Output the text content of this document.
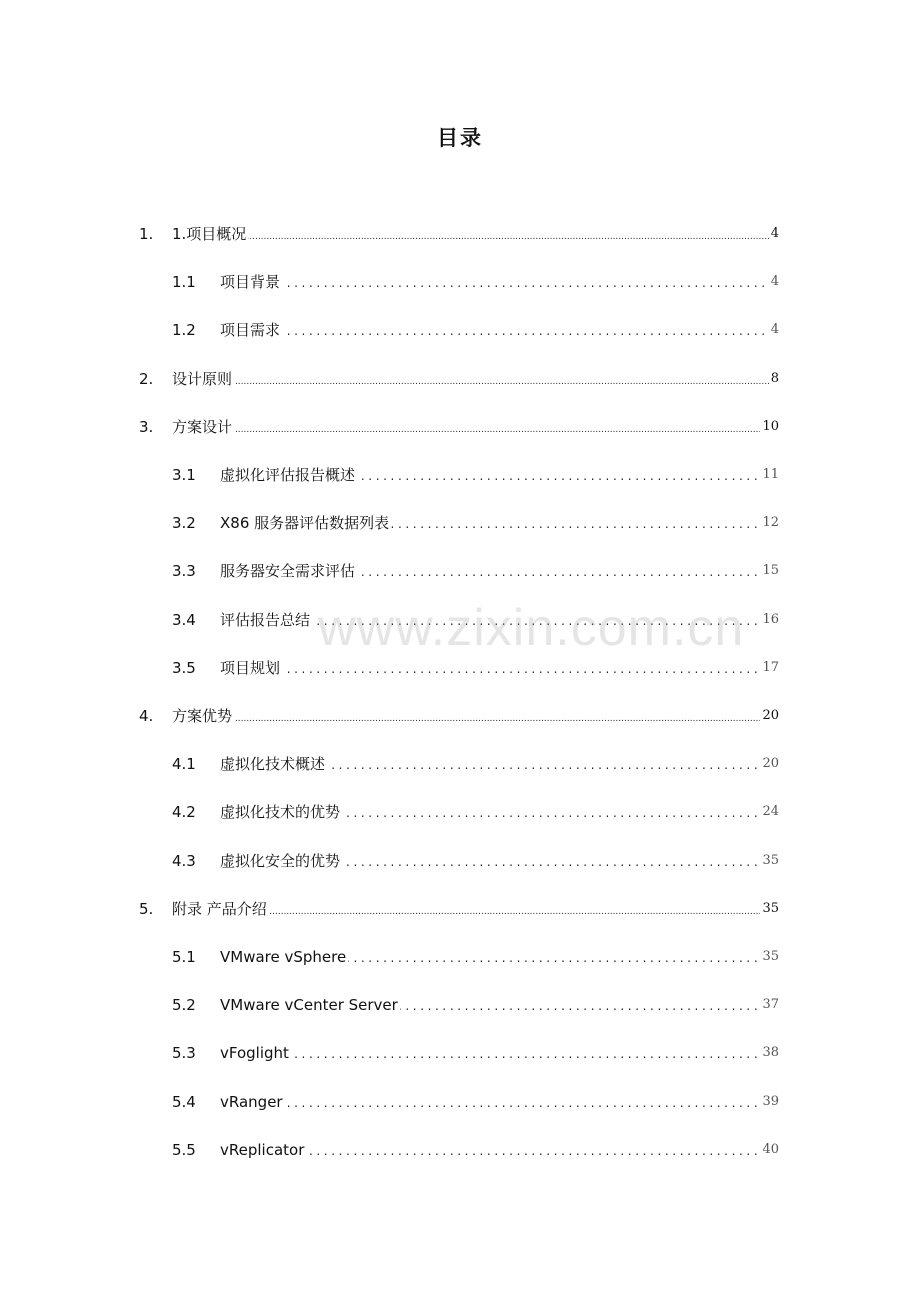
目录
.....
1. 1.项目概况	4
.....
1.1 项目背景	4
.....
1.2 项目需求	4
.....
2. 设计原则	8
.....
3. 方案设计	10
.....
3.1 虚拟化评估报告概述	11
.....
3.2 X86 服务器评估数据列表	12
.....
3.3 服务器安全需求评估	15
.....
3.4 评估报告总结	16
.....
3.5 项目规划	17
.....
4. 方案优势	20
.....
4.1 虚拟化技术概述	20
.....
4.2 虚拟化技术的优势	24
.....
4.3 虚拟化安全的优势	35
.....
5. 附录 产品介绍	35
.....
5.1 VMware vSphere	35
.....
5.2 VMware vCenter Server	37
.....
5.3 vFoglight	38
.....
5.4 vRanger	39
.....
5.5 vReplicator	40
www.zixin.com.cn
